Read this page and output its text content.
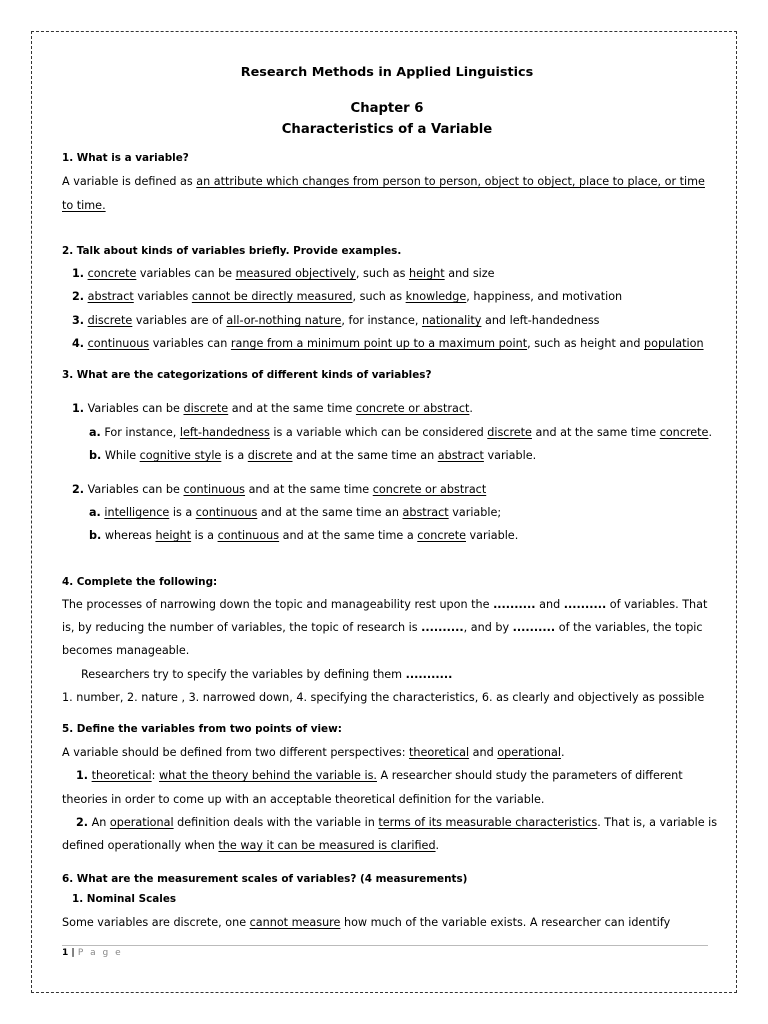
Research Methods in Applied Linguistics
Chapter 6
Characteristics of a Variable
1. What is a variable?
A variable is defined as an attribute which changes from person to person, object to object, place to place, or time
to time.
2. Talk about kinds of variables briefly. Provide examples.
1. concrete variables can be measured objectively, such as height and size
2. abstract variables cannot be directly measured, such as knowledge, happiness, and motivation
3. discrete variables are of all-or-nothing nature, for instance, nationality and left-handedness
4. continuous variables can range from a minimum point up to a maximum point, such as height and population
3. What are the categorizations of different kinds of variables?
1. Variables can be discrete and at the same time concrete or abstract.
a. For instance, left-handedness is a variable which can be considered discrete and at the same time concrete.
b. While cognitive style is a discrete and at the same time an abstract variable.
2. Variables can be continuous and at the same time concrete or abstract
a. intelligence is a continuous and at the same time an abstract variable;
b. whereas height is a continuous and at the same time a concrete variable.
4. Complete the following:
The processes of narrowing down the topic and manageability rest upon the .......... and .......... of variables. That
is, by reducing the number of variables, the topic of research is .........., and by .......... of the variables, the topic
becomes manageable.
Researchers try to specify the variables by defining them ...........
1. number, 2. nature , 3. narrowed down, 4. specifying the characteristics, 6. as clearly and objectively as possible
5. Define the variables from two points of view:
A variable should be defined from two different perspectives: theoretical and operational.
1. theoretical: what the theory behind the variable is. A researcher should study the parameters of different
theories in order to come up with an acceptable theoretical definition for the variable.
2. An operational definition deals with the variable in terms of its measurable characteristics. That is, a variable is
defined operationally when the way it can be measured is clarified.
6. What are the measurement scales of variables? (4 measurements)
1. Nominal Scales
Some variables are discrete, one cannot measure how much of the variable exists. A researcher can identify
1 | P a g e
